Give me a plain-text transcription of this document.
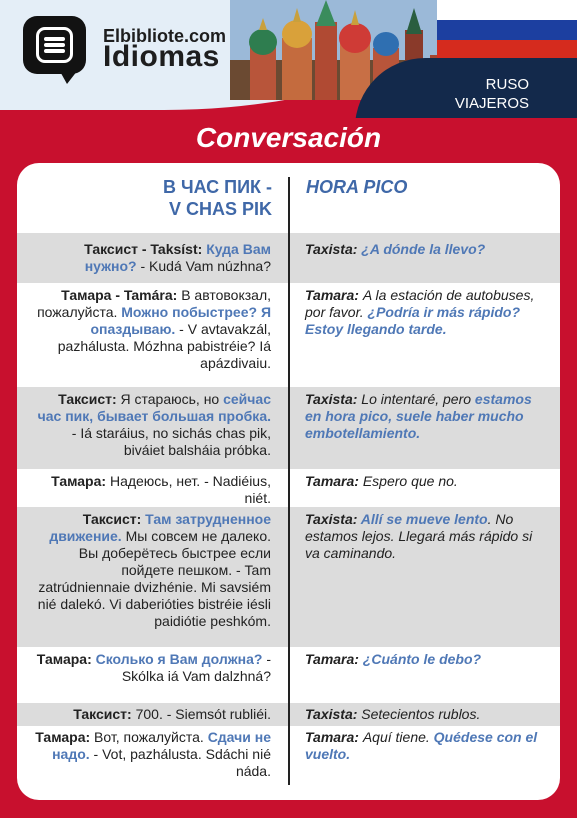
Elbibliote.com
Idiomas
RUSO
VIAJEROS
Conversación
В ЧАС ПИК -
V CHAS PIK
HORA PICO
Таксист - Taksíst: Куда Вам нужно? - Kudá Vam núzhna?
Taxista: ¿A dónde la llevo?
Тамара - Tamára: В автовокзал, пожалуйста. Можно побыстрее? Я опаздываю. - V avtavakzál, pazhálusta. Mózhna pabistréie? Iá apázdivaiu.
Tamara: A la estación de autobuses, por favor. ¿Podría ir más rápido? Estoy llegando tarde.
Таксист: Я стараюсь, но сейчас час пик, бывает большая пробка. - Iá staráius, no sichás chas pik, biváiet balsháia próbka.
Taxista: Lo intentaré, pero estamos en hora pico, suele haber mucho embotellamiento.
Тамара: Надеюсь, нет. - Nadiéius, niét.
Tamara: Espero que no.
Таксист: Там затрудненное движение. Мы совсем не далеко. Вы доберётесь быстрее если пойдете пешком. - Tam zatrúdniennaie dvizhénie. Mi savsiém nié dalekó. Vi daberiótіes bistréie iésli paidiótie peshkóm.
Taxista: Allí se mueve lento. No estamos lejos. Llegará más rápido si va caminando.
Тамара: Сколько я Вам должна? - Skólka iá Vam dalzhná?
Tamara: ¿Cuánto le debo?
Таксист: 700. - Siemsót rubliéi. Taxista: Setecientos rublos.
Тамара: Вот, пожалуйста. Сдачи не надо. - Vot, pazhálusta. Sdáchi nié náda.
Tamara: Aquí tiene. Quédese con el vuelto.
